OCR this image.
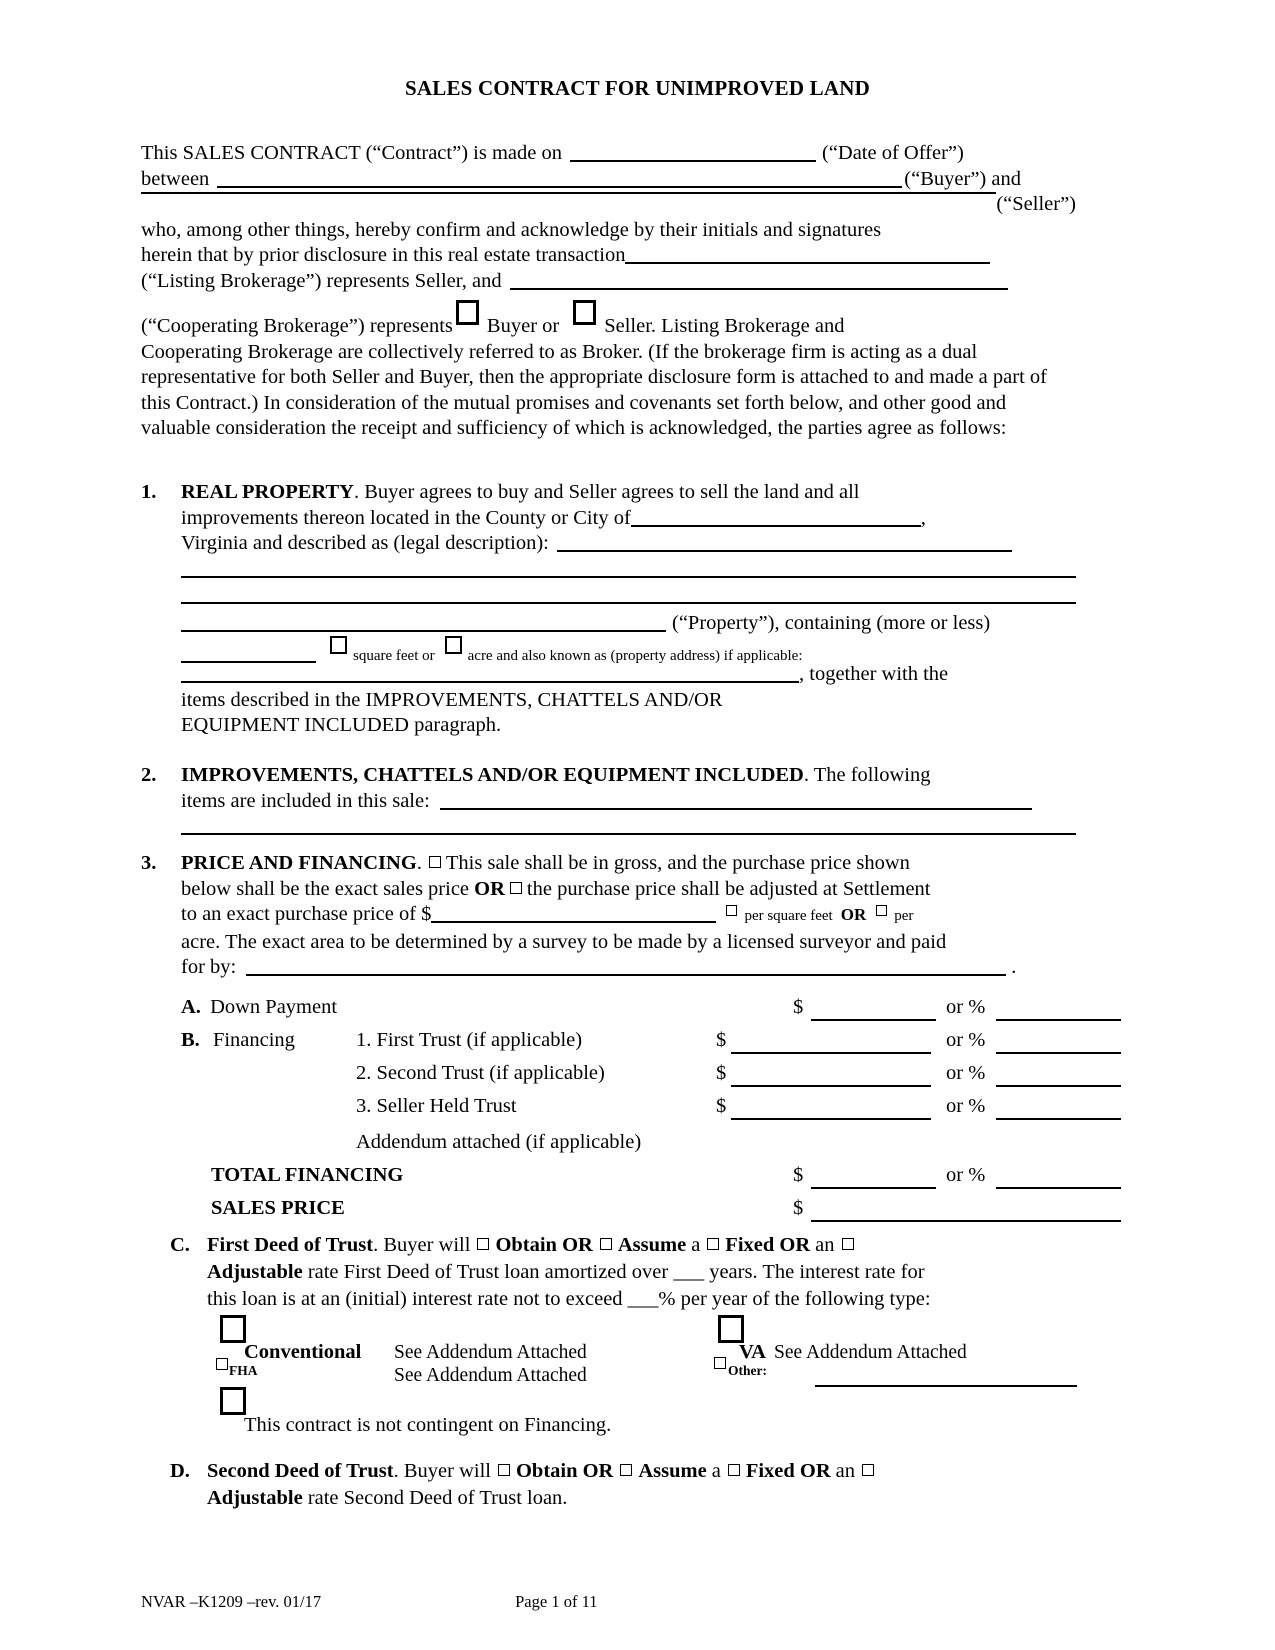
SALES CONTRACT FOR UNIMPROVED LAND
This SALES CONTRACT (“Contract”) is made on	(“Date of Offer”)
between	(“Buyer”) and
(“Seller”)
who, among other things, hereby confirm and acknowledge by their initials and signatures
herein that by prior disclosure in this real estate transaction
(“Listing Brokerage”) represents Seller, and
(“Cooperating Brokerage”) represents Buyer or Seller. Listing Brokerage and
Cooperating Brokerage are collectively referred to as Broker. (If the brokerage firm is acting as a dual representative for both Seller and Buyer, then the appropriate disclosure form is attached to and made a part of this Contract.) In consideration of the mutual promises and covenants set forth below, and other good and valuable consideration the receipt and sufficiency of which is acknowledged, the parties agree as follows:
1. REAL PROPERTY. Buyer agrees to buy and Seller agrees to sell the land and all
improvements thereon located in the County or City of	,
Virginia and described as (legal description):
(“Property”), containing (more or less)
square feet or acre and also known as (property address) if applicable:
, together with the
items described in the IMPROVEMENTS, CHATTELS AND/OR
EQUIPMENT INCLUDED paragraph.
2. IMPROVEMENTS, CHATTELS AND/OR EQUIPMENT INCLUDED. The following
items are included in this sale:
3. PRICE AND FINANCING. This sale shall be in gross, and the purchase price shown
below shall be the exact sales price OR the purchase price shall be adjusted at Settlement
to an exact purchase price of $	per square feet OR per
acre. The exact area to be determined by a survey to be made by a licensed surveyor and paid
for by:	.
A. Down Payment	$	or %
B. Financing	1. First Trust (if applicable)	$	or %
2. Second Trust (if applicable)	$	or %
3. Seller Held Trust	$	or %
Addendum attached (if applicable)
TOTAL FINANCING	$	or %
SALES PRICE	$
C. First Deed of Trust. Buyer will Obtain OR Assume a Fixed OR an
Adjustable rate First Deed of Trust loan amortized over ___ years. The interest rate for
this loan is at an (initial) interest rate not to exceed ___% per year of the following type:
Conventional See Addendum Attached	VA See Addendum Attached
FHA	See Addendum Attached	Other:
This contract is not contingent on Financing.
D. Second Deed of Trust. Buyer will Obtain OR Assume a Fixed OR an
Adjustable rate Second Deed of Trust loan.
NVAR –K1209 –rev. 01/17	Page 1 of 11
